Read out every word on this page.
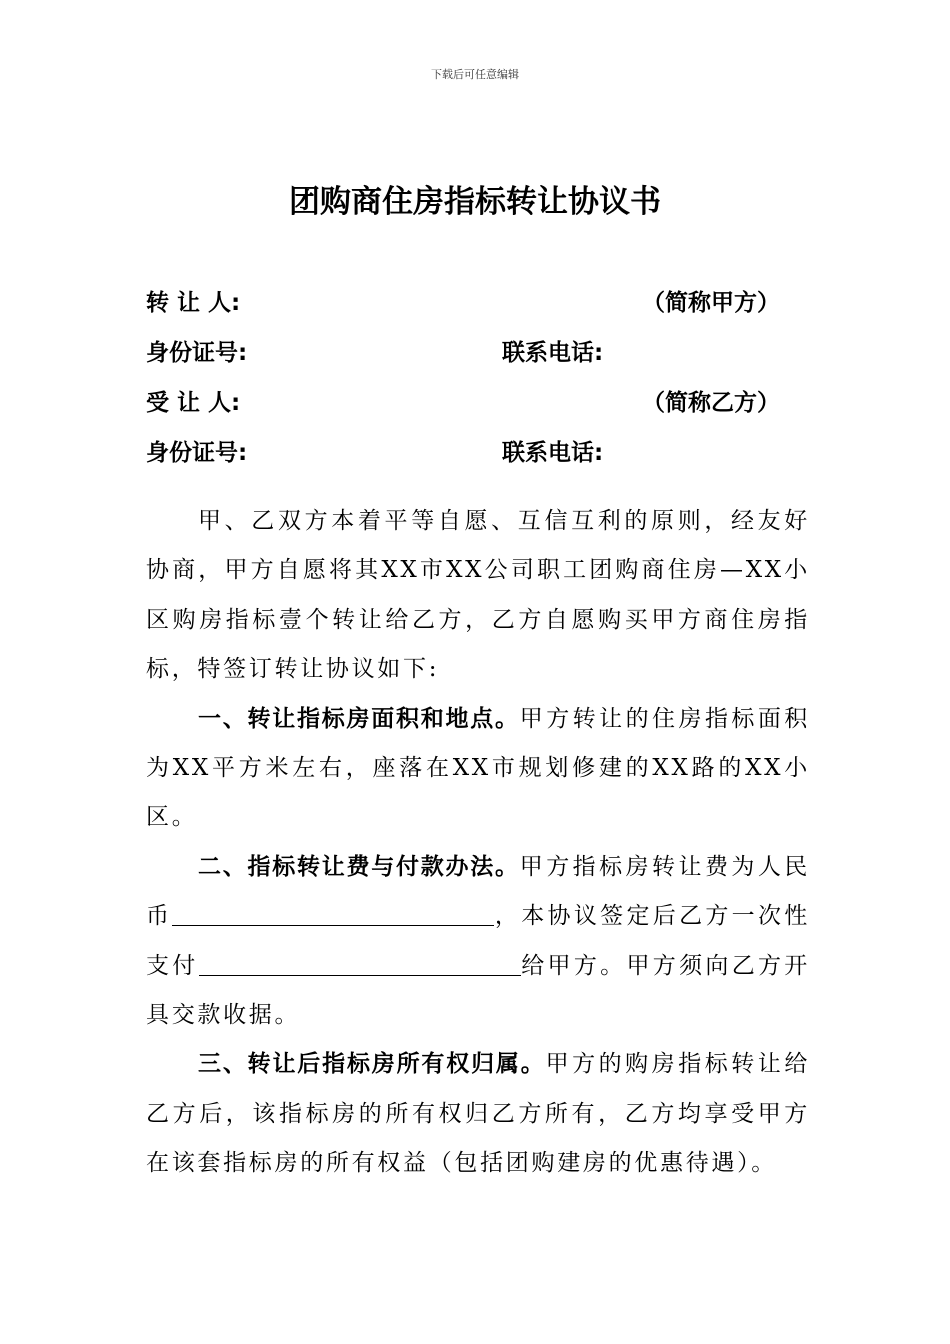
下载后可任意编辑
团购商住房指标转让协议书
转 让 人:	（简称甲方）
身份证号:	联系电话:
受 让 人:	（简称乙方）
身份证号:	联系电话:

甲、乙双方本着平等自愿、互信互利的原则，经友好协商，甲方自愿将其XX市XX公司职工团购商住房—XX小区购房指标壹个转让给乙方，乙方自愿购买甲方商住房指标，特签订转让协议如下:

一、转让指标房面积和地点。甲方转让的住房指标面积为XX平方米左右，座落在XX市规划修建的XX路的XX小区。

二、指标转让费与付款办法。甲方指标房转让费为人民币	，本协议签定后乙方一次性支付	给甲方。甲方须向乙方开具交款收据。

三、转让后指标房所有权归属。甲方的购房指标转让给乙方后，该指标房的所有权归乙方所有，乙方均享受甲方在该套指标房的所有权益（包括团购建房的优惠待遇）。
